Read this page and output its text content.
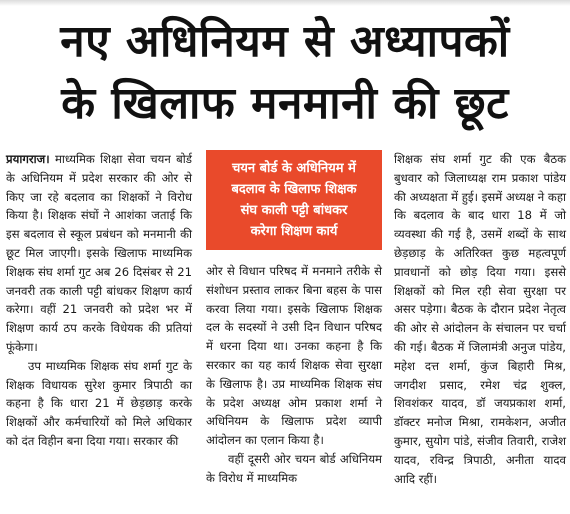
नए अधिनियम से अध्यापकों
के खिलाफ मनमानी की छूट

प्रयागराज। माध्यमिक शिक्षा सेवा चयन बोर्ड के अधिनियम में प्रदेश सरकार की ओर से किए जा रहे बदलाव का शिक्षकों ने विरोध किया है। शिक्षक संघों ने आशंका जताई कि इस बदलाव से स्कूल प्रबंधन को मनमानी की छूट मिल जाएगी। इसके खिलाफ माध्यमिक शिक्षक संघ शर्मा गुट अब 26 दिसंबर से 21 जनवरी तक काली पट्टी बांधकर शिक्षण कार्य करेगा। वहीं 21 जनवरी को प्रदेश भर में शिक्षण कार्य ठप करके विधेयक की प्रतियां फूंकेगा।

उप माध्यमिक शिक्षक संघ शर्मा गुट के शिक्षक विधायक सुरेश कुमार त्रिपाठी का कहना है कि धारा 21 में छेड़छाड़ करके शिक्षकों और कर्मचारियों को मिले अधिकार को दंत विहीन बना दिया गया। सरकार की

चयन बोर्ड के अधिनियम में
बदलाव के खिलाफ शिक्षक
संघ काली पट्टी बांधकर
करेगा शिक्षण कार्य

ओर से विधान परिषद में मनमाने तरीके से संशोधन प्रस्ताव लाकर बिना बहस के पास करवा लिया गया। इसके खिलाफ शिक्षक दल के सदस्यों ने उसी दिन विधान परिषद में धरना दिया था। उनका कहना है कि सरकार का यह कार्य शिक्षक सेवा सुरक्षा के खिलाफ है। उप्र माध्यमिक शिक्षक संघ के प्रदेश अध्यक्ष ओम प्रकाश शर्मा ने अधिनियम के खिलाफ प्रदेश व्यापी आंदोलन का एलान किया है।

वहीं दूसरी ओर चयन बोर्ड अधिनियम के विरोध में माध्यमिक

शिक्षक संघ शर्मा गुट की एक बैठक बुधवार को जिलाध्यक्ष राम प्रकाश पांडेय की अध्यक्षता में हुई। इसमें अध्यक्ष ने कहा कि बदलाव के बाद धारा 18 में जो व्यवस्था की गई है, उसमें शब्दों के साथ छेड़छाड़ के अतिरिक्त कुछ महत्वपूर्ण प्रावधानों को छोड़ दिया गया। इससे शिक्षकों को मिल रही सेवा सुरक्षा पर असर पड़ेगा। बैठक के दौरान प्रदेश नेतृत्व की ओर से आंदोलन के संचालन पर चर्चा की गई। बैठक में जिलामंत्री अनुज पांडेय, महेश दत्त शर्मा, कुंज बिहारी मिश्र, जगदीश प्रसाद, रमेश चंद्र शुक्ल, शिवशंकर यादव, डॉ जयप्रकाश शर्मा, डॉक्टर मनोज मिश्रा, रामकेशन, अजीत कुमार, सुयोग पांडे, संजीव तिवारी, राजेश यादव, रविन्द्र त्रिपाठी, अनीता यादव आदि रहीं।
